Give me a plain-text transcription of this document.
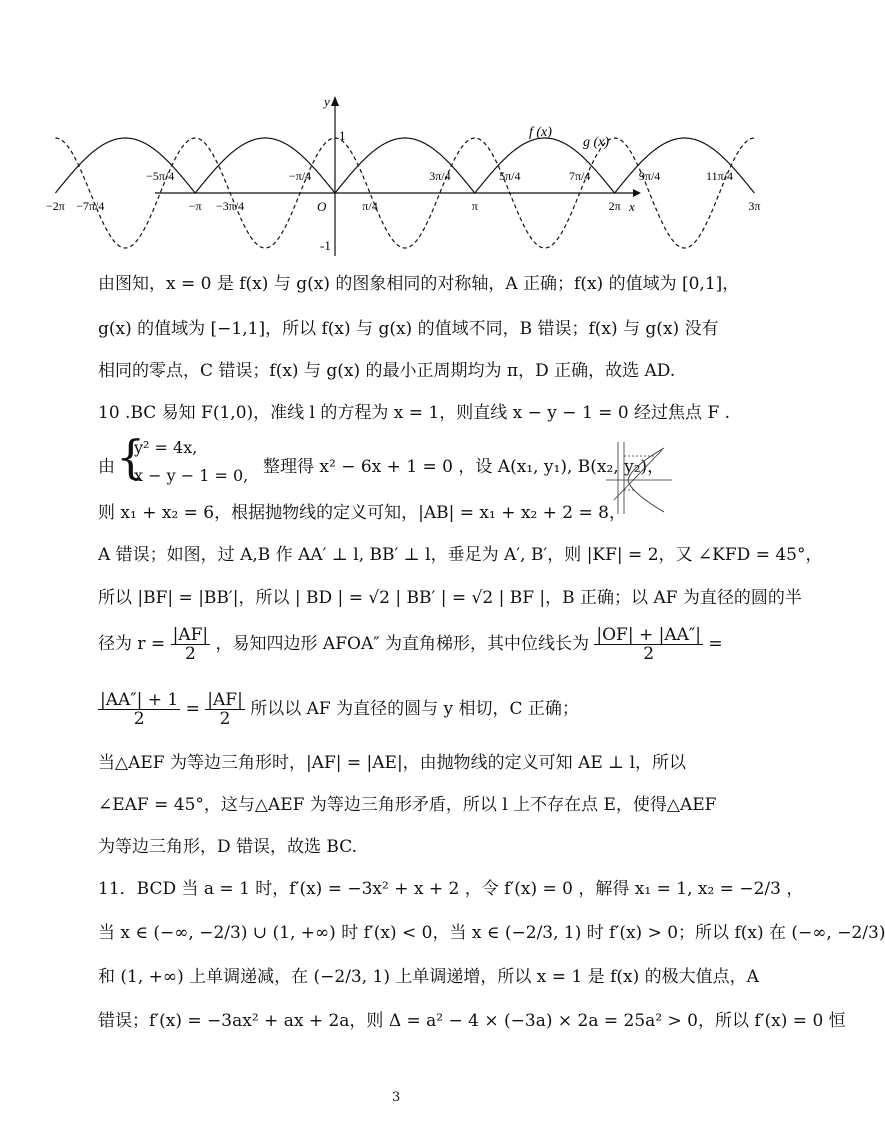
y
x
O
1
-1
f (x)
g (x)
−2π −7π/4	−π −3π/4	π/4	π	2π	3π
−5π/4	−π/4	3π/4	5π/4	7π/4	9π/4	11π/4
由图知，x = 0 是 f(x) 与 g(x) 的图象相同的对称轴，A 正确；f(x) 的值域为 [0,1]，
g(x) 的值域为 [−1,1]，所以 f(x) 与 g(x) 的值域不同，B 错误；f(x) 与 g(x) 没有
相同的零点，C 错误；f(x) 与 g(x) 的最小正周期均为 π，D 正确，故选 AD.
10 .BC 易知 F(1,0)，准线 l 的方程为 x = 1，则直线 x − y − 1 = 0 经过焦点 F .
由 {
y² = 4x,
x − y − 1 = 0, 整理得 x² − 6x + 1 = 0 ，设 A(x₁, y₁), B(x₂, y₂)，
则 x₁ + x₂ = 6，根据抛物线的定义可知，|AB| = x₁ + x₂ + 2 = 8，
A 错误；如图，过 A,B 作 AA′ ⊥ l, BB′ ⊥ l，垂足为 A′, B′，则 |KF| = 2，又 ∠KFD = 45°，
所以 |BF| = |BB′|，所以 | BD | = √2 | BB′ | = √2 | BF |，B 正确；以 AF 为直径的圆的半
径为 $r = \frac{|AF|}{2}$ ，易知四边形 AFOA″ 为直角梯形，其中位线长为 $\frac{|OF| + |AA''|}{2}$ =
$\frac{|AA''| + 1}{2} = \frac{|AF|}{2}$ 所以以 AF 为直径的圆与 y 相切，C 正确；
当△AEF 为等边三角形时，|AF| = |AE|，由抛物线的定义可知 AE ⊥ l，所以
∠EAF = 45°，这与△AEF 为等边三角形矛盾，所以 l 上不存在点 E，使得△AEF
为等边三角形，D 错误，故选 BC.
11．BCD 当 a = 1 时，f′(x) = −3x² + x + 2 ，令 f′(x) = 0 ，解得 x₁ = 1, x₂ = −2/3 ，
当 x ∈ (−∞, −2/3) ∪ (1, +∞) 时 f′(x) < 0，当 x ∈ (−2/3, 1) 时 f′(x) > 0；所以 f(x) 在 (−∞, −2/3)
和 (1, +∞) 上单调递减，在 (−2/3, 1) 上单调递增，所以 x = 1 是 f(x) 的极大值点，A
错误；f′(x) = −3ax² + ax + 2a，则 Δ = a² − 4 × (−3a) × 2a = 25a² > 0，所以 f′(x) = 0 恒
3
